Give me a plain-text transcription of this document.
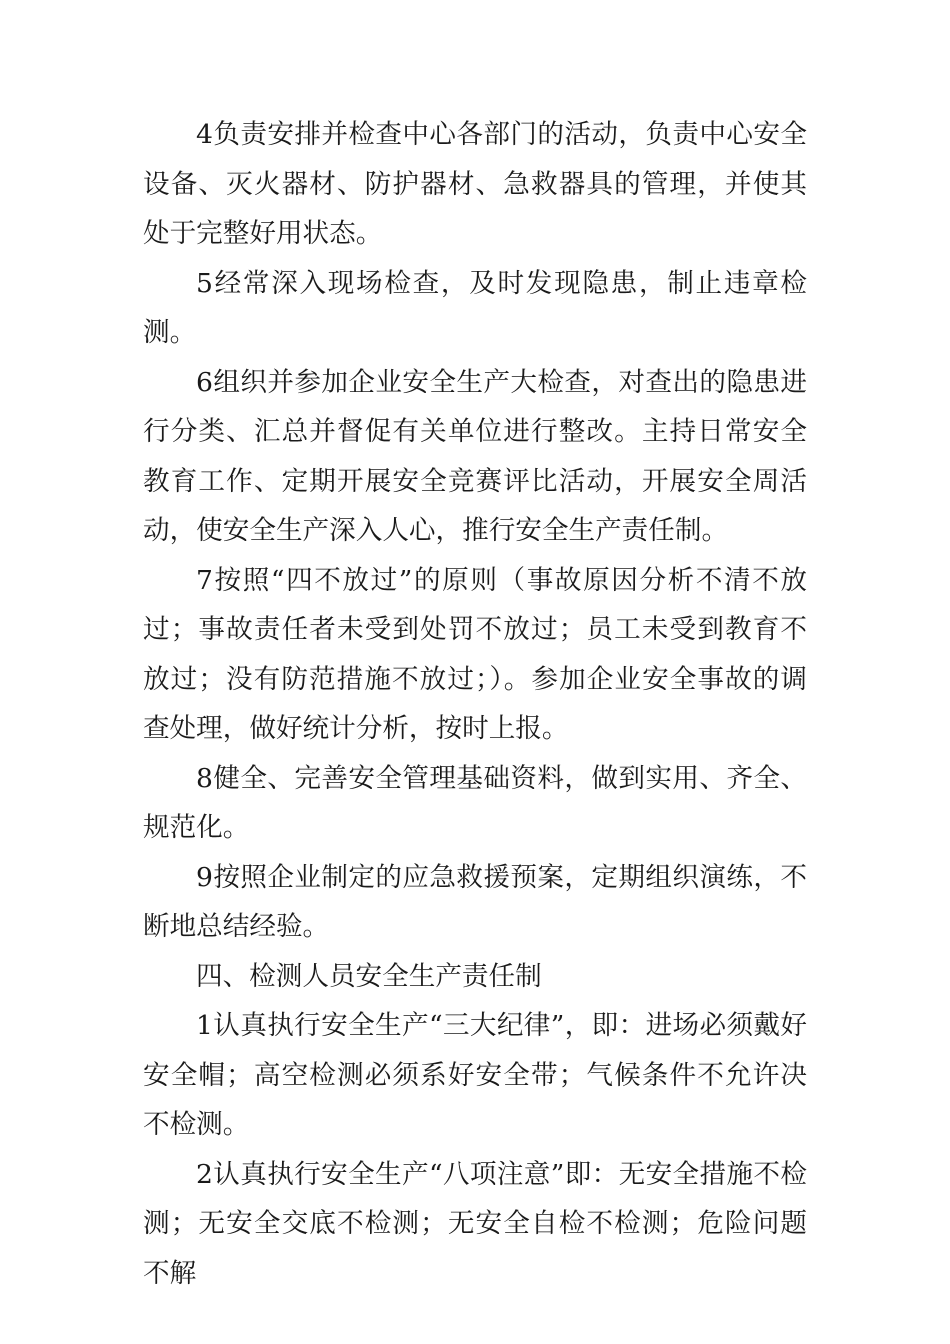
4负责安排并检查中心各部门的活动，负责中心安全设备、灭火器材、防护器材、急救器具的管理，并使其处于完整好用状态。

5经常深入现场检查，及时发现隐患，制止违章检测。

6组织并参加企业安全生产大检查，对查出的隐患进行分类、汇总并督促有关单位进行整改。主持日常安全教育工作、定期开展安全竞赛评比活动，开展安全周活动，使安全生产深入人心，推行安全生产责任制。

7按照“四不放过”的原则（事故原因分析不清不放过；事故责任者未受到处罚不放过；员工未受到教育不放过；没有防范措施不放过；）。参加企业安全事故的调查处理，做好统计分析，按时上报。

8健全、完善安全管理基础资料，做到实用、齐全、规范化。

9按照企业制定的应急救援预案，定期组织演练，不断地总结经验。

四、检测人员安全生产责任制

1认真执行安全生产“三大纪律”，即：进场必须戴好安全帽；高空检测必须系好安全带；气候条件不允许决不检测。

2认真执行安全生产“八项注意”即：无安全措施不检测；无安全交底不检测；无安全自检不检测；危险问题不解
